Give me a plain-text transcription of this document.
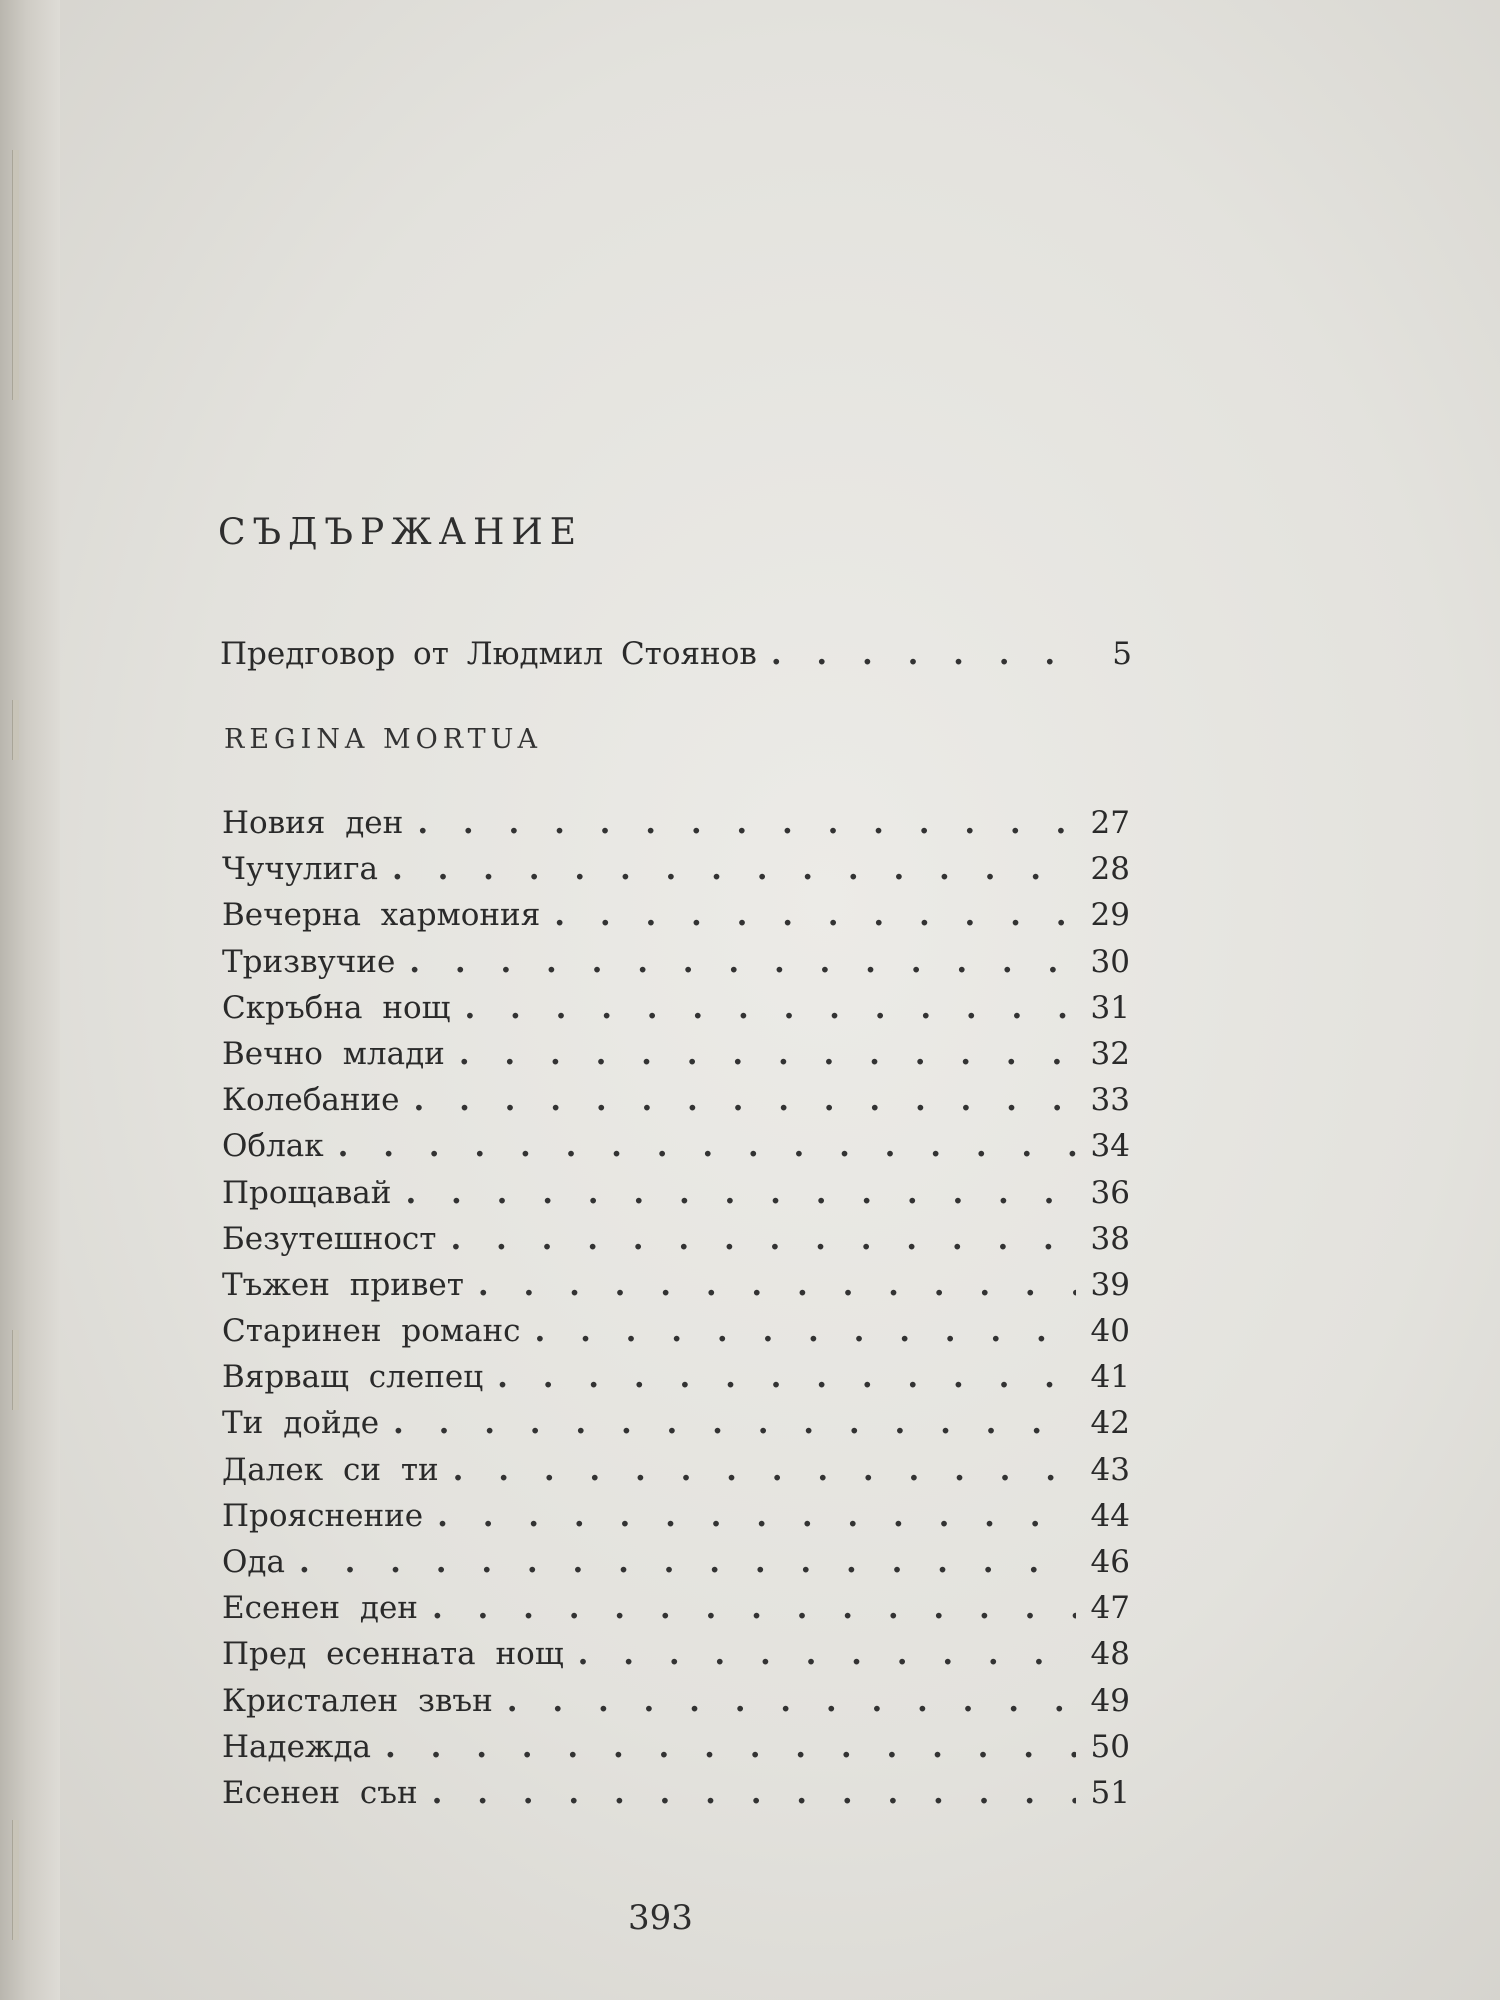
СЪДЪРЖАНИЕ
Предговор от Людмил Стоянов . . .	5
REGINA MORTUA
Новия ден . . .	27
Чучулига . . .	28
Вечерна хармония . . .	29
Тризвучие . . .	30
Скръбна нощ . . .	31
Вечно млади . . .	32
Колебание . . .	33
Облак . . .	34
Прощавай . . .	36
Безутешност . . .	38
Тъжен привет . . .	39
Старинен романс . . .	40
Вярващ слепец . . .	41
Ти дойде . . .	42
Далек си ти . . .	43
Прояснение . . .	44
Ода . . .	46
Есенен ден . . .	47
Пред есенната нощ . . .	48
Кристален звън . . .	49
Надежда . . .	50
Есенен сън . . .	51
393
